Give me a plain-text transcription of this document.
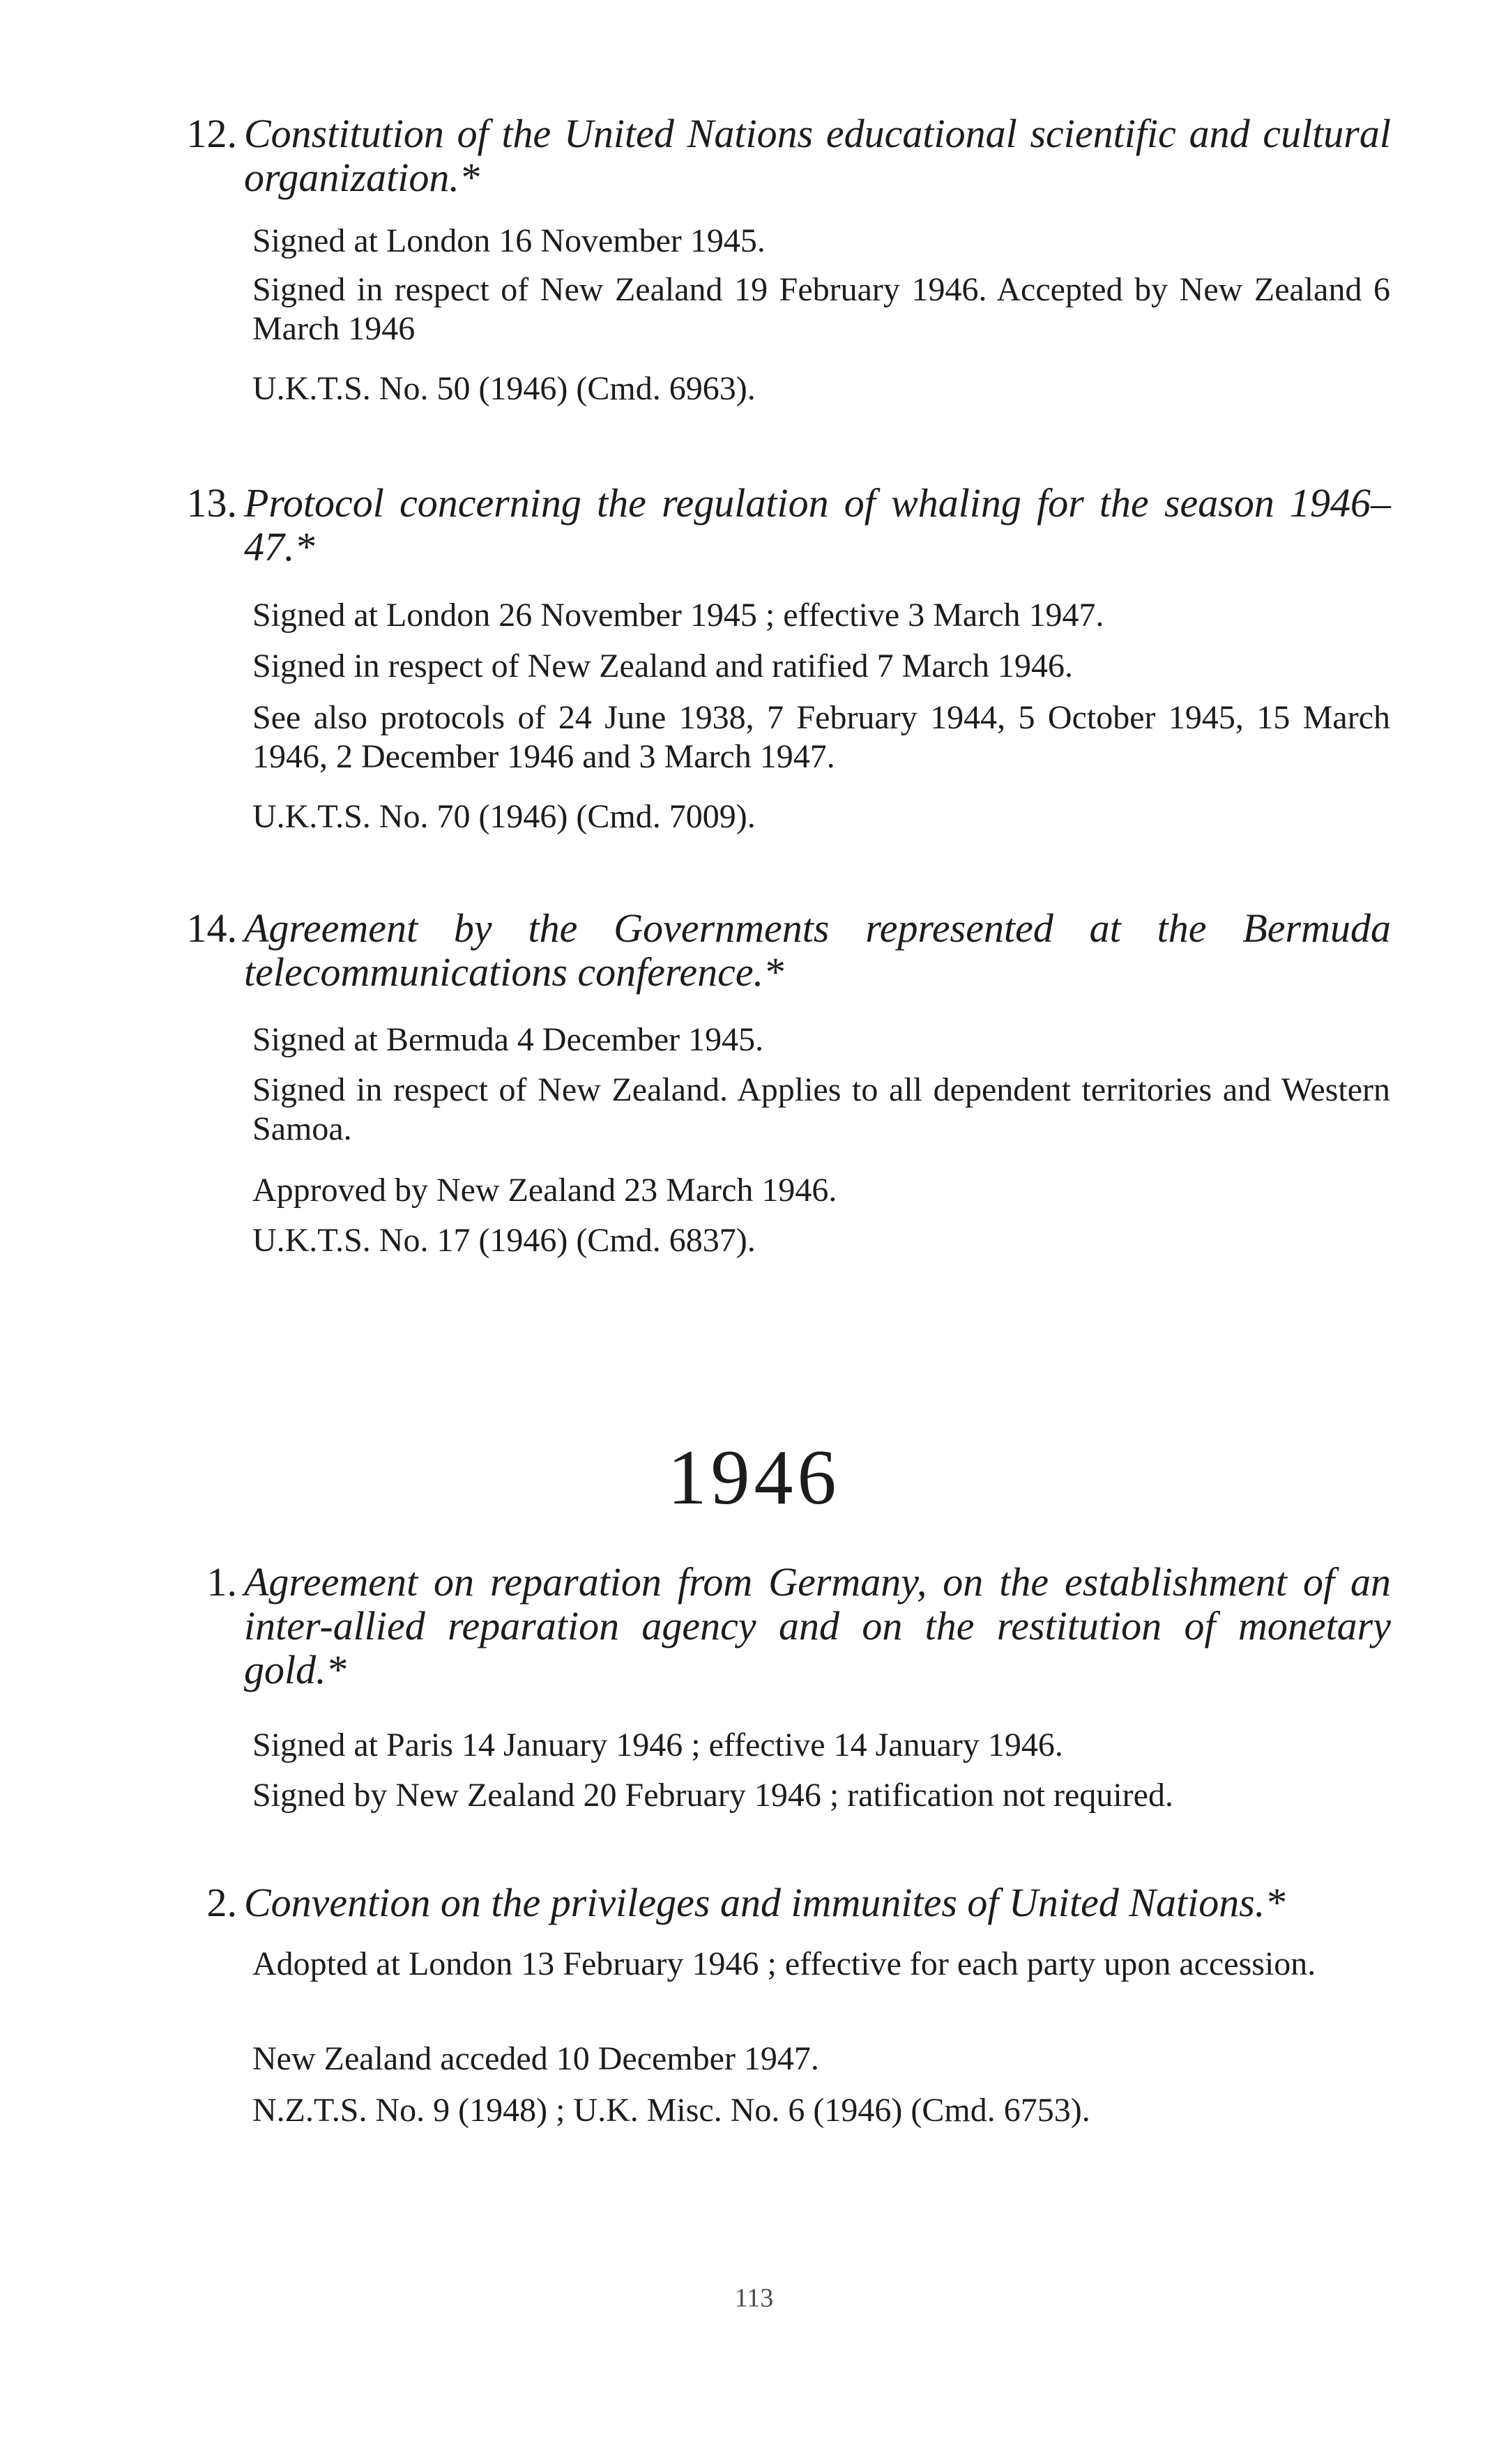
12. Constitution of the United Nations educational scientific and cultural organization.*
Signed at London 16 November 1945.
Signed in respect of New Zealand 19 February 1946. Accepted by New Zealand 6 March 1946
U.K.T.S. No. 50 (1946) (Cmd. 6963).
13. Protocol concerning the regulation of whaling for the season 1946–47.*
Signed at London 26 November 1945 ; effective 3 March 1947.
Signed in respect of New Zealand and ratified 7 March 1946.
See also protocols of 24 June 1938, 7 February 1944, 5 October 1945, 15 March 1946, 2 December 1946 and 3 March 1947.
U.K.T.S. No. 70 (1946) (Cmd. 7009).
14. Agreement by the Governments represented at the Bermuda telecommunications conference.*
Signed at Bermuda 4 December 1945.
Signed in respect of New Zealand. Applies to all dependent territories and Western Samoa.
Approved by New Zealand 23 March 1946.
U.K.T.S. No. 17 (1946) (Cmd. 6837).
1946
1. Agreement on reparation from Germany, on the establishment of an inter-allied reparation agency and on the restitution of monetary gold.*
Signed at Paris 14 January 1946 ; effective 14 January 1946.
Signed by New Zealand 20 February 1946 ; ratification not required.
2. Convention on the privileges and immunites of United Nations.*
Adopted at London 13 February 1946 ; effective for each party upon accession.
New Zealand acceded 10 December 1947.
N.Z.T.S. No. 9 (1948) ; U.K. Misc. No. 6 (1946) (Cmd. 6753).
113
